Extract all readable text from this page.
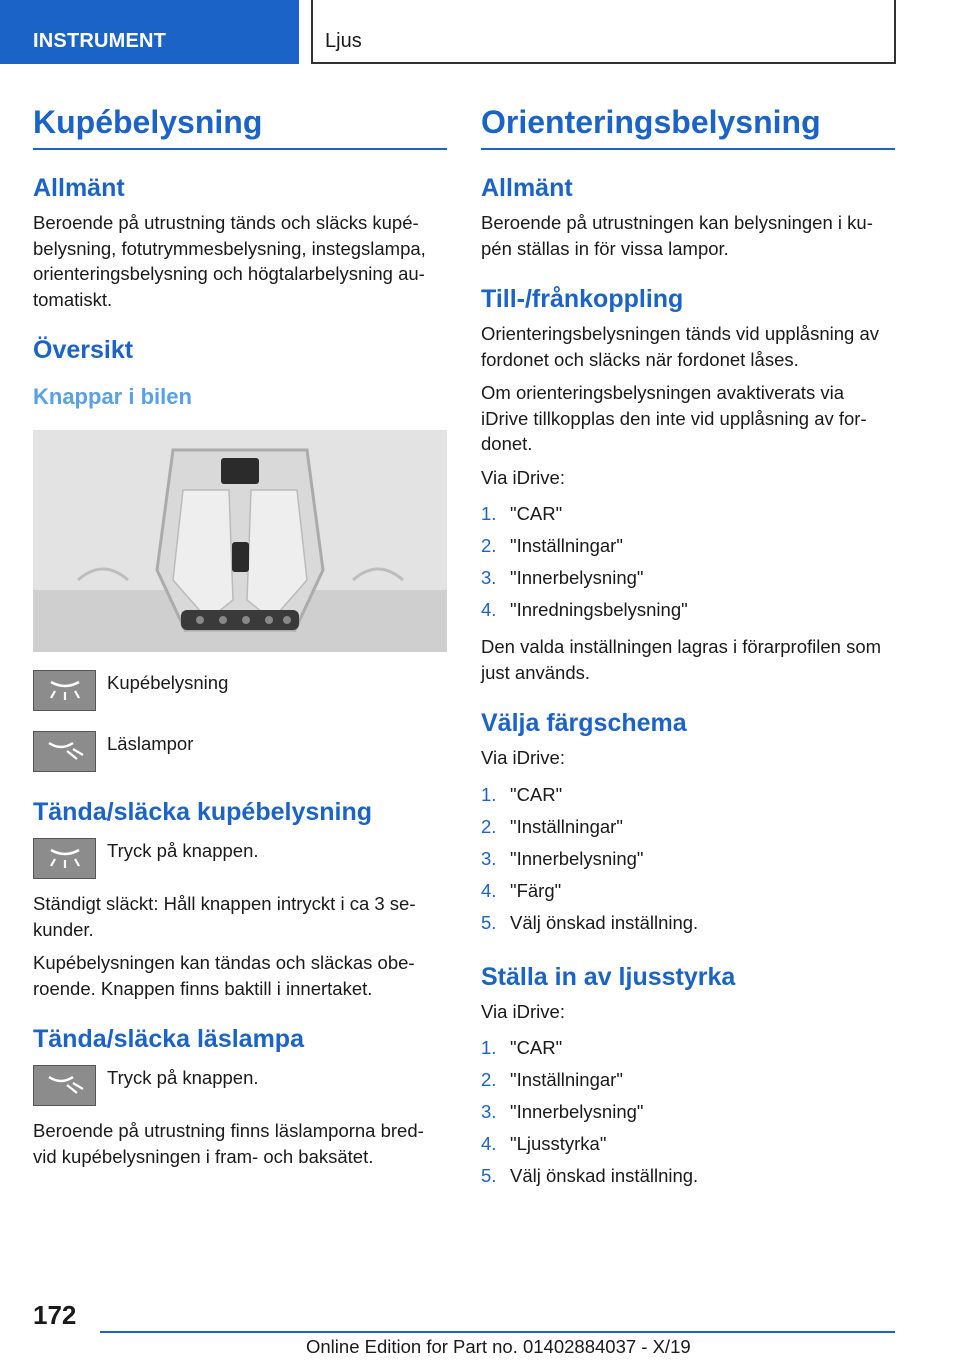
INSTRUMENT	Ljus
Kupébelysning
Allmänt
Beroende på utrustning tänds och släcks kupé-belysning, fotutrymmesbelysning, instegslampa, orienteringsbelysning och högtalarbelysning au-tomatiskt.
Översikt
Knappar i bilen
Kupébelysning
Läslampor
Tända/släcka kupébelysning
Tryck på knappen.
Ständigt släckt: Håll knappen intryckt i ca 3 se-kunder.
Kupébelysningen kan tändas och släckas obe-roende. Knappen finns baktill i innertaket.
Tända/släcka läslampa
Tryck på knappen.
Beroende på utrustning finns läslamporna bred-vid kupébelysningen i fram- och baksätet.
Orienteringsbelysning
Allmänt
Beroende på utrustningen kan belysningen i ku-pén ställas in för vissa lampor.
Till-/frånkoppling
Orienteringsbelysningen tänds vid upplåsning av fordonet och släcks när fordonet låses.
Om orienteringsbelysningen avaktiverats via iDrive tillkopplas den inte vid upplåsning av for-donet.
Via iDrive:
1. "CAR"
2. "Inställningar"
3. "Innerbelysning"
4. "Inredningsbelysning"
Den valda inställningen lagras i förarprofilen som just används.
Välja färgschema
Via iDrive:
1. "CAR"
2. "Inställningar"
3. "Innerbelysning"
4. "Färg"
5. Välj önskad inställning.
Ställa in av ljusstyrka
Via iDrive:
1. "CAR"
2. "Inställningar"
3. "Innerbelysning"
4. "Ljusstyrka"
5. Välj önskad inställning.
172
Online Edition for Part no. 01402884037 - X/19
